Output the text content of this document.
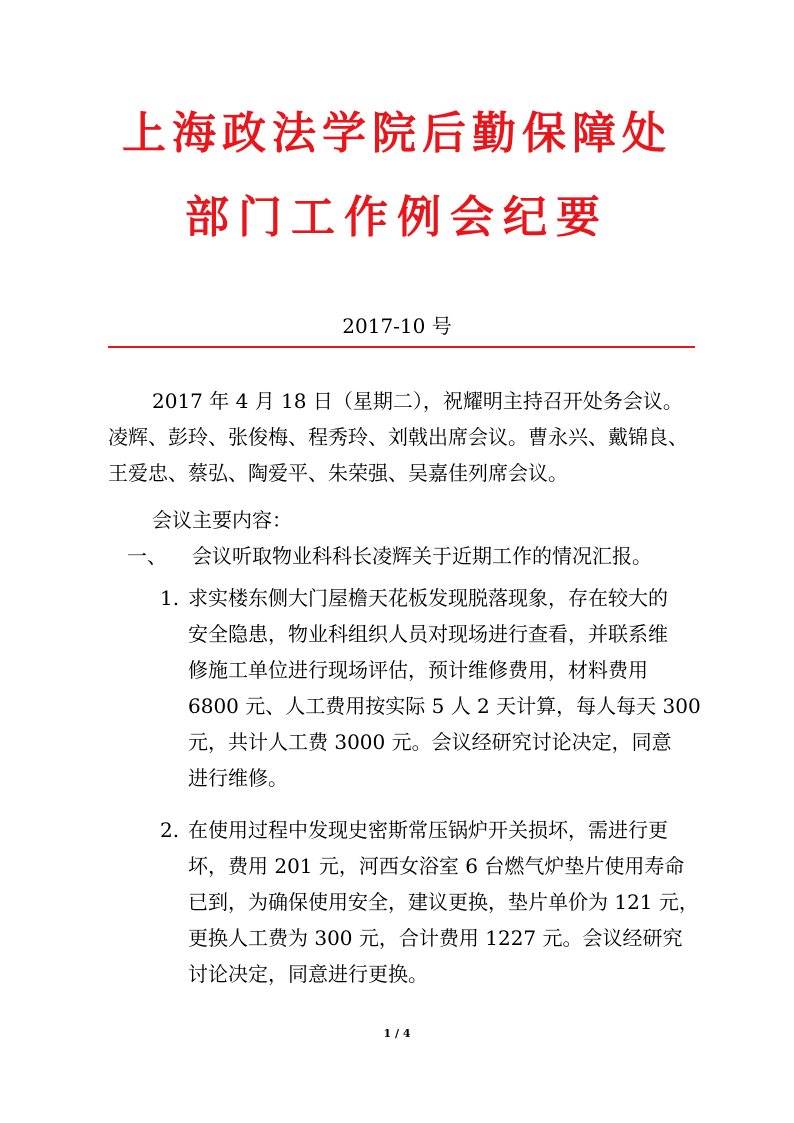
上海政法学院后勤保障处
部门工作例会纪要
2017-10 号
2017 年 4 月 18 日（星期二），祝耀明主持召开处务会议。
凌辉、彭玲、张俊梅、程秀玲、刘戟出席会议。曹永兴、戴锦良、
王爱忠、蔡弘、陶爱平、朱荣强、吴嘉佳列席会议。
会议主要内容：
一、 会议听取物业科科长凌辉关于近期工作的情况汇报。
1. 求实楼东侧大门屋檐天花板发现脱落现象，存在较大的
安全隐患，物业科组织人员对现场进行查看，并联系维
修施工单位进行现场评估，预计维修费用，材料费用
6800 元、人工费用按实际 5 人 2 天计算，每人每天 300
元，共计人工费 3000 元。会议经研究讨论决定，同意
进行维修。
2. 在使用过程中发现史密斯常压锅炉开关损坏，需进行更
坏，费用 201 元，河西女浴室 6 台燃气炉垫片使用寿命
已到，为确保使用安全，建议更换，垫片单价为 121 元，
更换人工费为 300 元，合计费用 1227 元。会议经研究
讨论决定，同意进行更换。
1 / 4
